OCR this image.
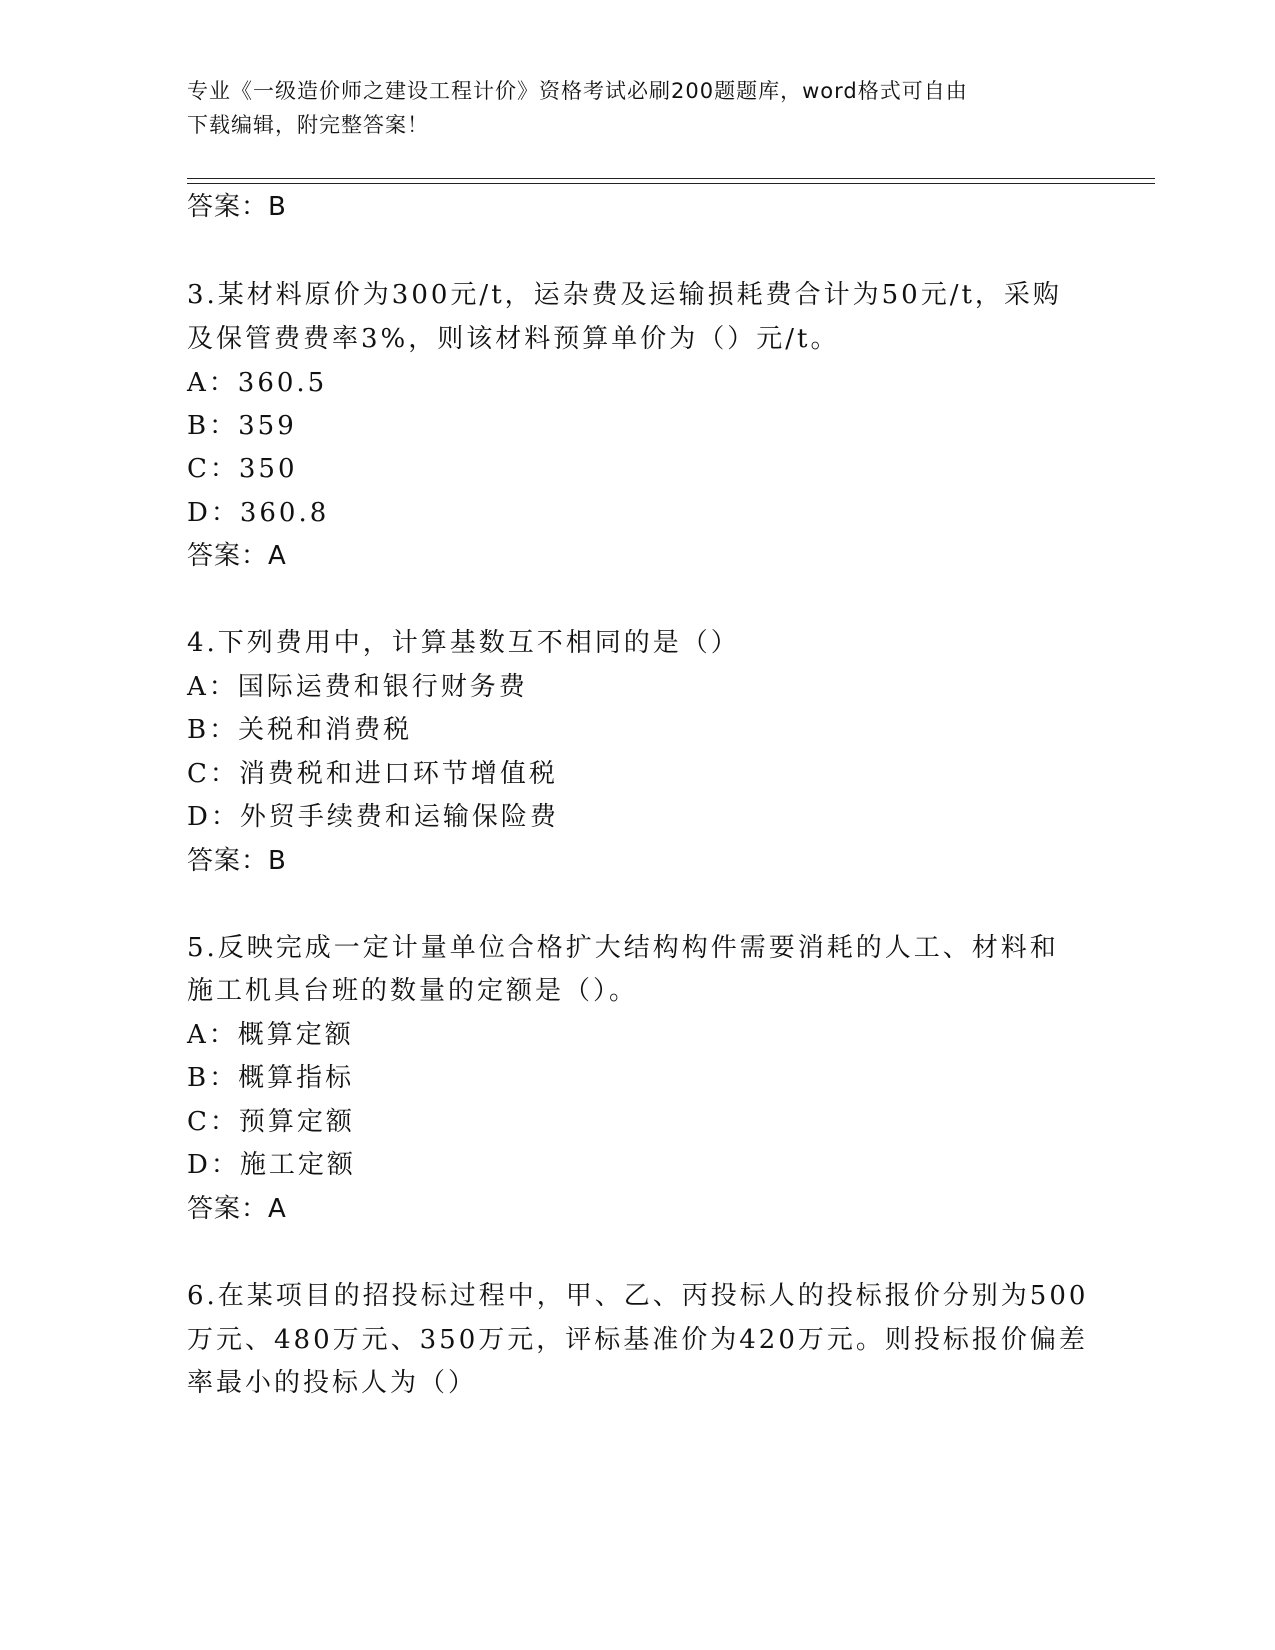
专业《一级造价师之建设工程计价》资格考试必刷200题题库，word格式可自由
下载编辑，附完整答案！
答案：B
3.某材料原价为300元/t，运杂费及运输损耗费合计为50元/t，采购
及保管费费率3%，则该材料预算单价为（）元/t。
A：360.5
B：359
C：350
D：360.8
答案：A
4.下列费用中，计算基数互不相同的是（）
A：国际运费和银行财务费
B：关税和消费税
C：消费税和进口环节增值税
D：外贸手续费和运输保险费
答案：B
5.反映完成一定计量单位合格扩大结构构件需要消耗的人工、材料和
施工机具台班的数量的定额是（）。
A：概算定额
B：概算指标
C：预算定额
D：施工定额
答案：A
6.在某项目的招投标过程中，甲、乙、丙投标人的投标报价分别为500
万元、480万元、350万元，评标基准价为420万元。则投标报价偏差
率最小的投标人为（）
